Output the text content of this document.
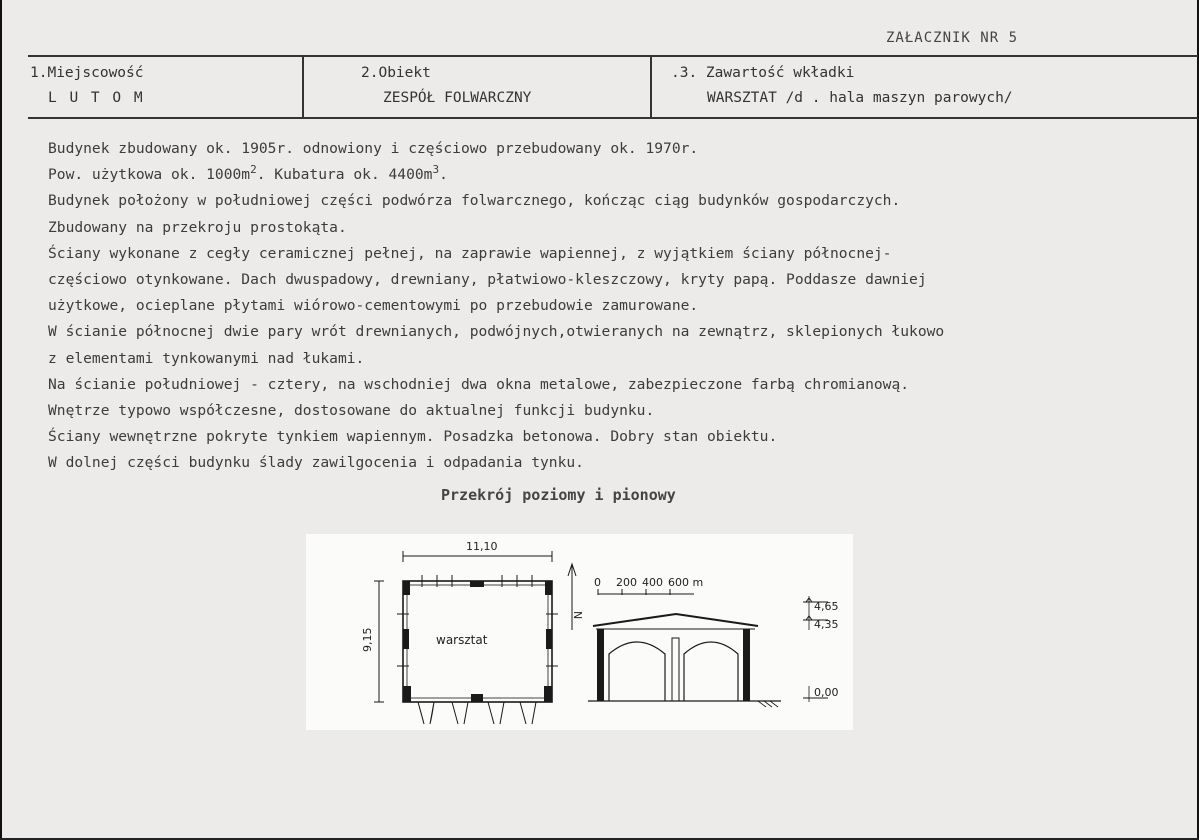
ZAŁACZNIK NR 5
1.Miejscowość
L U T O M
2.Obiekt
ZESPÓŁ FOLWARCZNY
.3. Zawartość wkładki
WARSZTAT /d . hala maszyn parowych/
Budynek zbudowany ok. 1905r. odnowiony i częściowo przebudowany ok. 1970r.
Pow. użytkowa ok. $1000m^2$. Kubatura ok. $4400m^3$.
Budynek położony w południowej części podwórza folwarcznego, kończąc ciąg budynków gospodarczych.
Zbudowany na przekroju prostokąta.
Ściany wykonane z cegły ceramicznej pełnej, na zaprawie wapiennej, z wyjątkiem ściany północnej-
częściowo otynkowane. Dach dwuspadowy, drewniany, płatwiowo-kleszczowy, kryty papą. Poddasze dawniej
użytkowe, ocieplane płytami wiórowo-cementowymi po przebudowie zamurowane.
W ścianie północnej dwie pary wrót drewnianych, podwójnych,otwieranych na zewnątrz, sklepionych łukowo
z elementami tynkowanymi nad łukami.
Na ścianie południowej - cztery, na wschodniej dwa okna metalowe, zabezpieczone farbą chromianową.
Wnętrze typowo współczesne, dostosowane do aktualnej funkcji budynku.
Ściany wewnętrzne pokryte tynkiem wapiennym. Posadzka betonowa. Dobry stan obiektu.
W dolnej części budynku ślady zawilgocenia i odpadania tynku.
Przekrój poziomy i pionowy
11,10
9,15	warsztat
N
0 200 400 600 m
4,65
4,35
0,00
